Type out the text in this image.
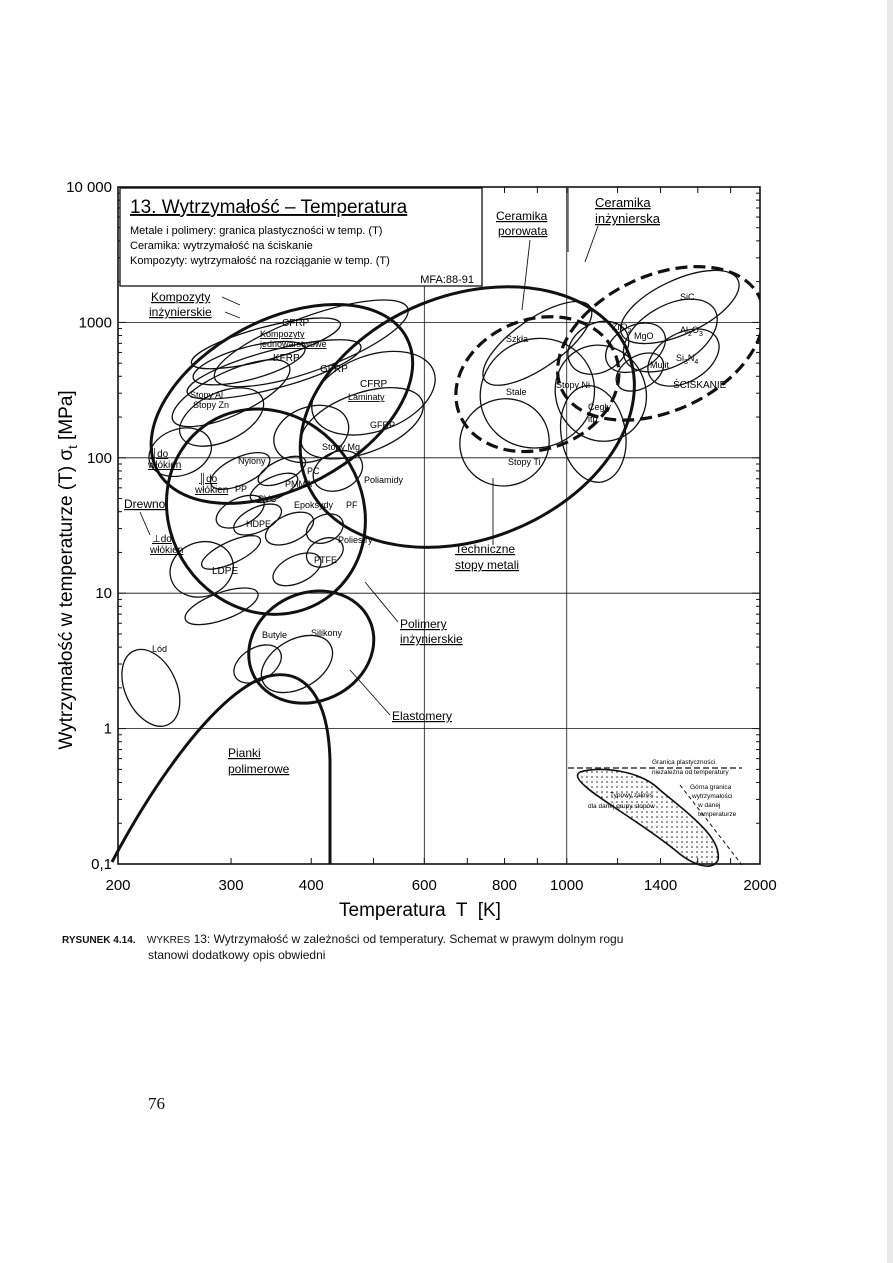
13. Wytrzymałość – Temperatura
Metale i polimery: granica plastyczności w temp. (T)
Ceramika: wytrzymałość na ściskanie
Kompozyty: wytrzymałość na rozciąganie w temp. (T)
MFA:88-91
200	300	400	600	800 1000	1400	2000
0,1
1
10
100
1000
10 000
Temperatura  T  [K]
Wytrzymałość w temperaturze (T) $\sigma_t$ [MPa]
Ceramika
inżynierska
Ceramika
porowata
Kompozyty
inżynierskie
Techniczne
stopy metali
Polimery
inżynierskie
Elastomery
Pianki
polimerowe
Drewno
║do
włókien
║do
włókien
⊥do
włókien
SiC
ZrO$_2$ MgO
$Al_2O_3$
Mulit
$Si_3N_4$
ŚCISKANIE
Szkła
Stale
Stopy Ni
Cegły
itp.
Stopy Ti
CFRP
Kompozyty
jednowarstwowe
KFRP
GFRP
CFRP
Laminaty
GFRP
Stopy Al
Stopy Zn
Stopy Mg
Nylony
PC
PMMA
PP
PVC
Epoksydy PF
Poliamidy
HDPE
Poliestry
PTFE
LDPE
Butyle	Silikony
Lód
Granica plastyczności
niezależna od temperatury
Górna granica
wytrzymałości
w danej
temperaturze
Typowy zakres
dla danej grupy stopów
RYSUNEK 4.14. WYKRES 13: Wytrzymałość w zależności od temperatury. Schemat w prawym dolnym rogu
stanowi dodatkowy opis obwiedni
76
